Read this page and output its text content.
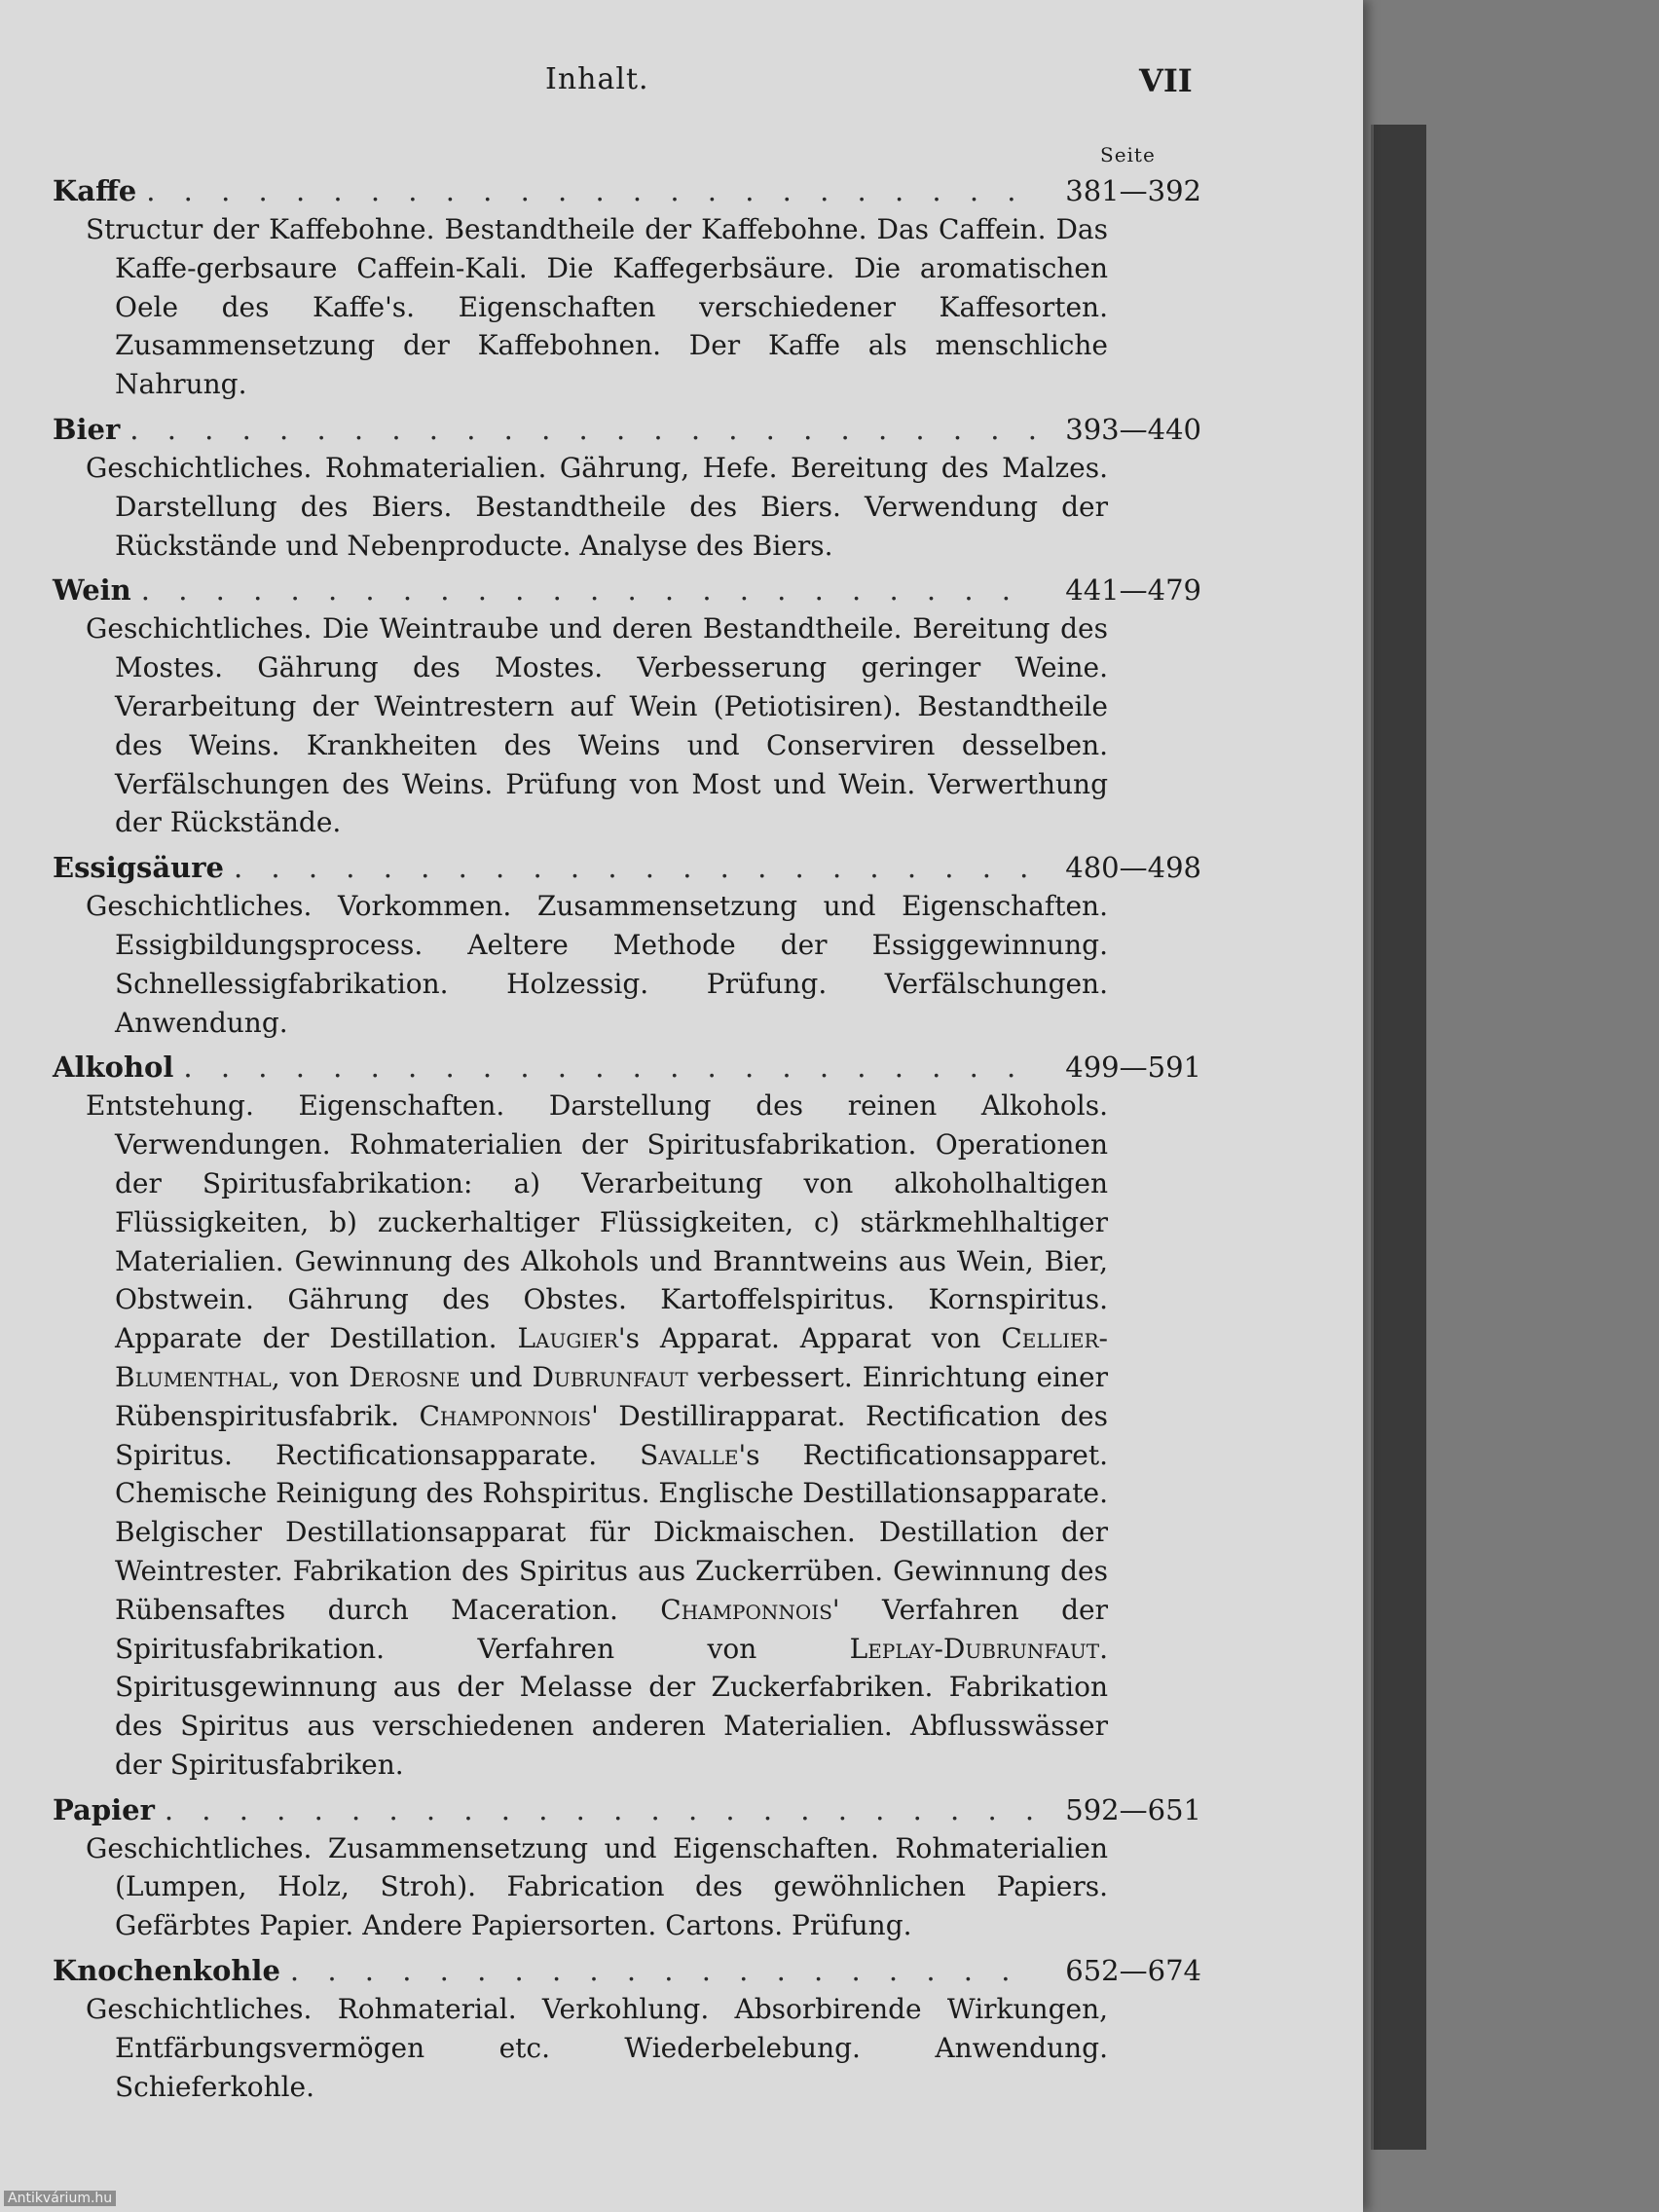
Inhalt.	VII
Seite
Kaffe . . .	381—392
Structur der Kaffebohne. Bestandtheile der Kaffebohne. Das Caffein. Das Kaffe-gerbsaure Caffein-Kali. Die Kaffegerbsäure. Die aromatischen Oele des Kaffe's. Eigenschaften verschiedener Kaffesorten. Zusammensetzung der Kaffebohnen. Der Kaffe als menschliche Nahrung.
Bier . . .	393—440
Geschichtliches. Rohmaterialien. Gährung, Hefe. Bereitung des Malzes. Darstellung des Biers. Bestandtheile des Biers. Verwendung der Rückstände und Nebenproducte. Analyse des Biers.
Wein . . .	441—479
Geschichtliches. Die Weintraube und deren Bestandtheile. Bereitung des Mostes. Gährung des Mostes. Verbesserung geringer Weine. Verarbeitung der Weintrestern auf Wein (Petiotisiren). Bestandtheile des Weins. Krankheiten des Weins und Conserviren desselben. Verfälschungen des Weins. Prüfung von Most und Wein. Verwerthung der Rückstände.
Essigsäure . . .	480—498
Geschichtliches. Vorkommen. Zusammensetzung und Eigenschaften. Essigbildungsprocess. Aeltere Methode der Essiggewinnung. Schnellessigfabrikation. Holzessig. Prüfung. Verfälschungen. Anwendung.
Alkohol . . .	499—591
Entstehung. Eigenschaften. Darstellung des reinen Alkohols. Verwendungen. Rohmaterialien der Spiritusfabrikation. Operationen der Spiritusfabrikation: a) Verarbeitung von alkoholhaltigen Flüssigkeiten, b) zuckerhaltiger Flüssigkeiten, c) stärkmehlhaltiger Materialien. Gewinnung des Alkohols und Branntweins aus Wein, Bier, Obstwein. Gährung des Obstes. Kartoffelspiritus. Kornspiritus. Apparate der Destillation. Laugier's Apparat. Apparat von Cellier-Blumenthal, von Derosne und Dubrunfaut verbessert. Einrichtung einer Rübenspiritusfabrik. Champonnois' Destillirapparat. Rectification des Spiritus. Rectificationsapparate. Savalle's Rectificationsapparet. Chemische Reinigung des Rohspiritus. Englische Destillationsapparate. Belgischer Destillationsapparat für Dickmaischen. Destillation der Weintrester. Fabrikation des Spiritus aus Zuckerrüben. Gewinnung des Rübensaftes durch Maceration. Champonnois' Verfahren der Spiritusfabrikation. Verfahren von Leplay-Dubrunfaut. Spiritusgewinnung aus der Melasse der Zuckerfabriken. Fabrikation des Spiritus aus verschiedenen anderen Materialien. Abflusswässer der Spiritusfabriken.
Papier . . .	592—651
Geschichtliches. Zusammensetzung und Eigenschaften. Rohmaterialien (Lumpen, Holz, Stroh). Fabrication des gewöhnlichen Papiers. Gefärbtes Papier. Andere Papiersorten. Cartons. Prüfung.
Knochenkohle . . .	652—674
Geschichtliches. Rohmaterial. Verkohlung. Absorbirende Wirkungen, Entfärbungsvermögen etc. Wiederbelebung. Anwendung. Schieferkohle.
Antikvárium.hu
